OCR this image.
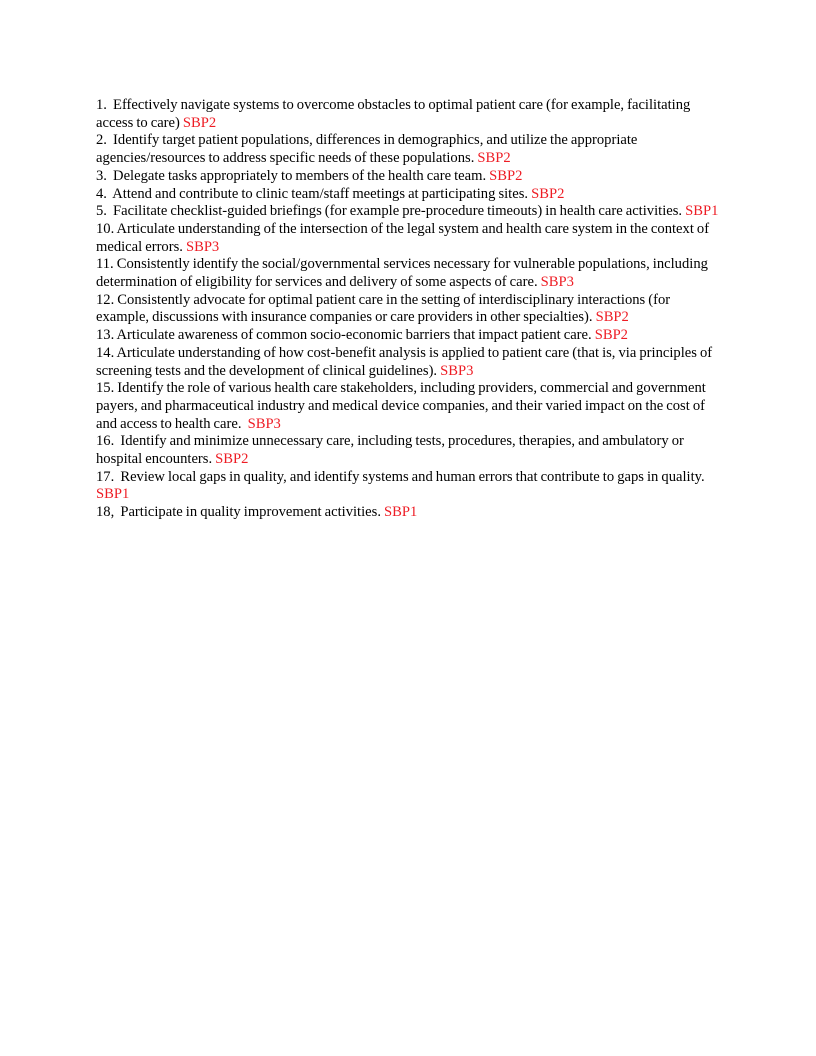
1.  Effectively navigate systems to overcome obstacles to optimal patient care (for example, facilitating access to care) SBP2

2.  Identify target patient populations, differences in demographics, and utilize the appropriate agencies/resources to address specific needs of these populations. SBP2

3.  Delegate tasks appropriately to members of the health care team. SBP2

4.  Attend and contribute to clinic team/staff meetings at participating sites. SBP2

5.  Facilitate checklist-guided briefings (for example pre-procedure timeouts) in health care activities. SBP1

10. Articulate understanding of the intersection of the legal system and health care system in the context of medical errors. SBP3

11. Consistently identify the social/governmental services necessary for vulnerable populations, including determination of eligibility for services and delivery of some aspects of care. SBP3

12. Consistently advocate for optimal patient care in the setting of interdisciplinary interactions (for example, discussions with insurance companies or care providers in other specialties). SBP2

13. Articulate awareness of common socio-economic barriers that impact patient care. SBP2

14. Articulate understanding of how cost-benefit analysis is applied to patient care (that is, via principles of screening tests and the development of clinical guidelines). SBP3

15. Identify the role of various health care stakeholders, including providers, commercial and government payers, and pharmaceutical industry and medical device companies, and their varied impact on the cost of and access to health care.  SBP3

16.  Identify and minimize unnecessary care, including tests, procedures, therapies, and ambulatory or hospital encounters. SBP2

17.  Review local gaps in quality, and identify systems and human errors that contribute to gaps in quality. SBP1

18,  Participate in quality improvement activities. SBP1
